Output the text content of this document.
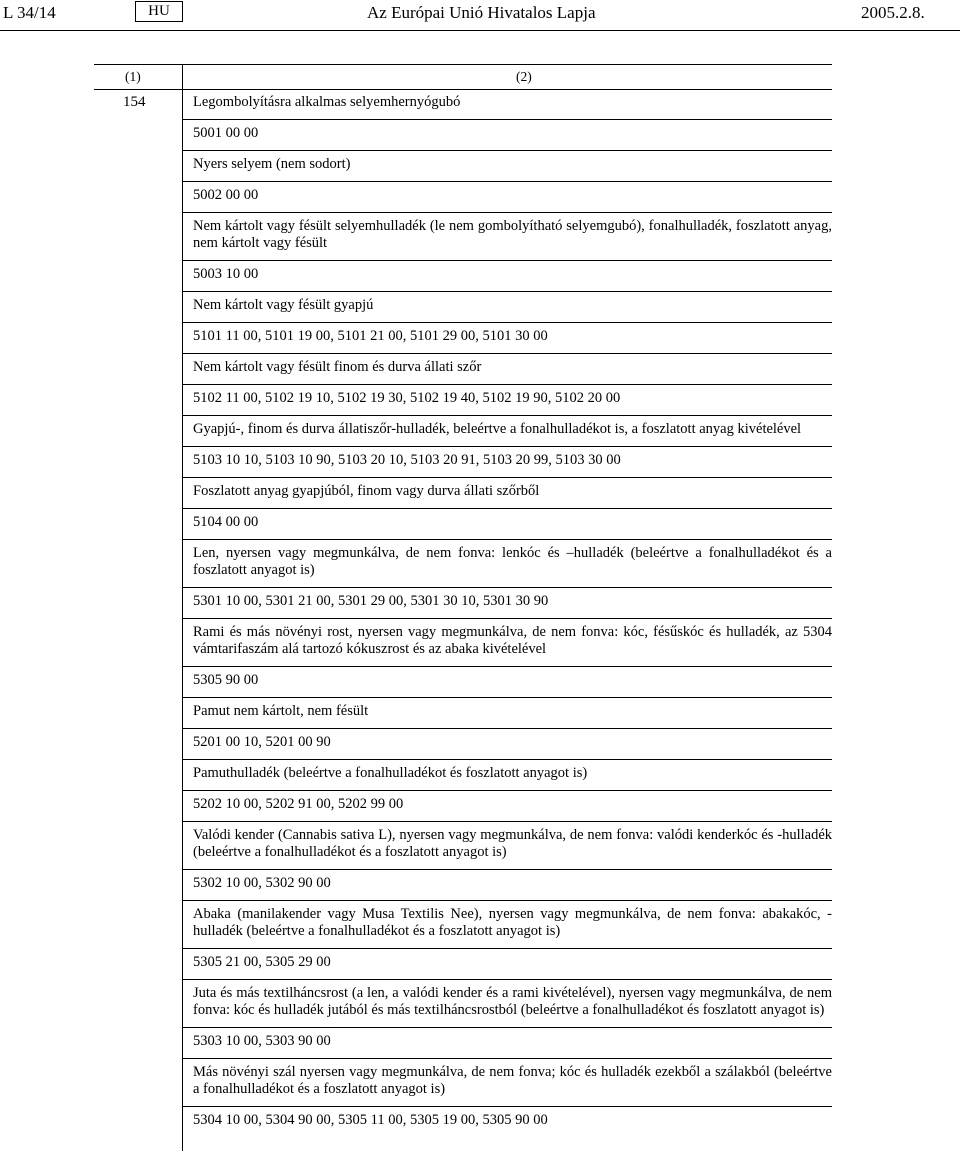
L 34/14	HU	Az Európai Unió Hivatalos Lapja	2005.2.8.
(1)	(2)
154	Legombolyításra alkalmas selyemhernyógubó
5001 00 00
Nyers selyem (nem sodort)
5002 00 00
Nem kártolt vagy fésült selyemhulladék (le nem gombolyítható selyemgubó), fonalhulladék, foszlatott anyag, nem kártolt vagy fésült
5003 10 00
Nem kártolt vagy fésült gyapjú
5101 11 00, 5101 19 00, 5101 21 00, 5101 29 00, 5101 30 00
Nem kártolt vagy fésült finom és durva állati szőr
5102 11 00, 5102 19 10, 5102 19 30, 5102 19 40, 5102 19 90, 5102 20 00
Gyapjú-, finom és durva állatiszőr-hulladék, beleértve a fonalhulladékot is, a foszlatott anyag kivételével
5103 10 10, 5103 10 90, 5103 20 10, 5103 20 91, 5103 20 99, 5103 30 00
Foszlatott anyag gyapjúból, finom vagy durva állati szőrből
5104 00 00
Len, nyersen vagy megmunkálva, de nem fonva: lenkóc és –hulladék (beleértve a fonalhulladékot és a foszlatott anyagot is)
5301 10 00, 5301 21 00, 5301 29 00, 5301 30 10, 5301 30 90
Rami és más növényi rost, nyersen vagy megmunkálva, de nem fonva: kóc, fésűskóc és hulladék, az 5304 vámtarifaszám alá tartozó kókuszrost és az abaka kivételével
5305 90 00
Pamut nem kártolt, nem fésült
5201 00 10, 5201 00 90
Pamuthulladék (beleértve a fonalhulladékot és foszlatott anyagot is)
5202 10 00, 5202 91 00, 5202 99 00
Valódi kender (Cannabis sativa L), nyersen vagy megmunkálva, de nem fonva: valódi kenderkóc és -hulladék (beleértve a fonalhulladékot és a foszlatott anyagot is)
5302 10 00, 5302 90 00
Abaka (manilakender vagy Musa Textilis Nee), nyersen vagy megmunkálva, de nem fonva: abakakóc, -hulladék (beleértve a fonalhulladékot és a foszlatott anyagot is)
5305 21 00, 5305 29 00
Juta és más textilháncsrost (a len, a valódi kender és a rami kivételével), nyersen vagy megmunkálva, de nem fonva: kóc és hulladék jutából és más textilháncsrostból (beleértve a fonalhulladékot és foszlatott anyagot is)
5303 10 00, 5303 90 00
Más növényi szál nyersen vagy megmunkálva, de nem fonva; kóc és hulladék ezekből a szálakból (beleértve a fonalhulladékot és a foszlatott anyagot is)
5304 10 00, 5304 90 00, 5305 11 00, 5305 19 00, 5305 90 00
